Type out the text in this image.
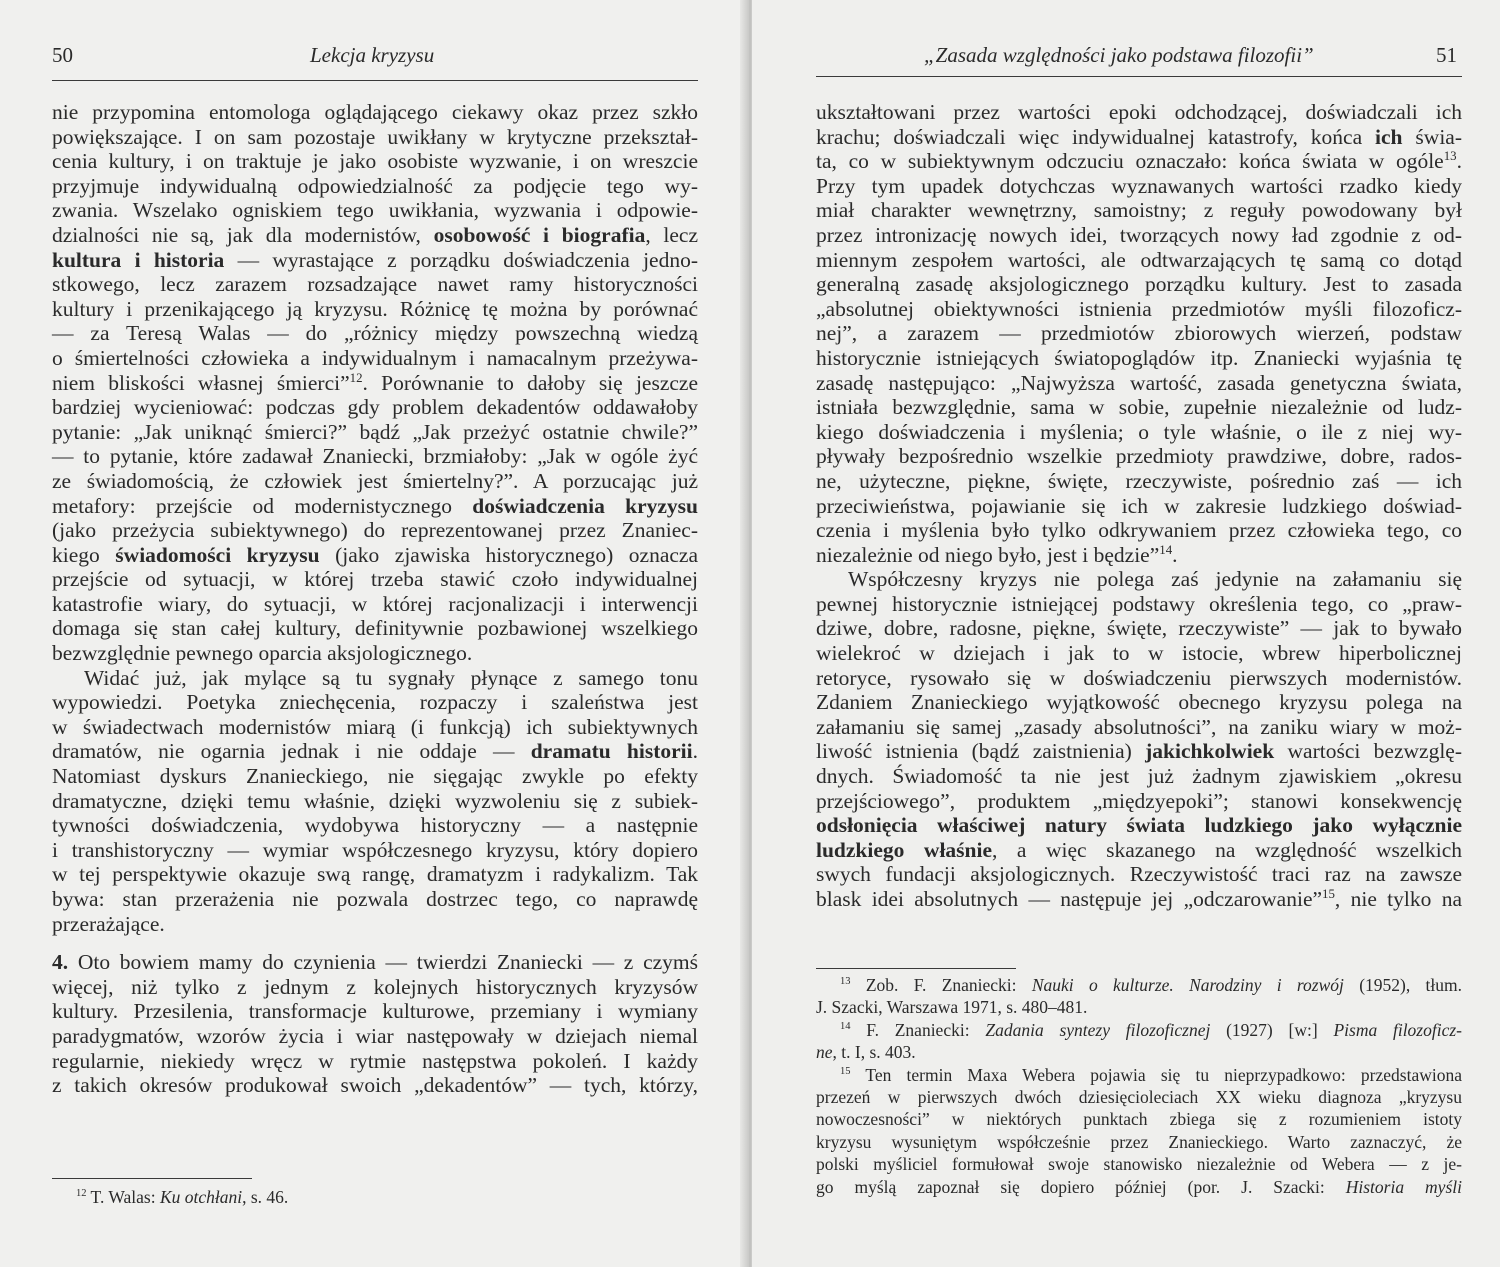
50	Lekcja kryzysu
nie przypomina entomologa oglądającego ciekawy okaz przez szkło
powiększające. I on sam pozostaje uwikłany w krytyczne przekształ-
cenia kultury, i on traktuje je jako osobiste wyzwanie, i on wreszcie
przyjmuje indywidualną odpowiedzialność za podjęcie tego wy-
zwania. Wszelako ogniskiem tego uwikłania, wyzwania i odpowie-
dzialności nie są, jak dla modernistów, osobowość i biografia, lecz
kultura i historia — wyrastające z porządku doświadczenia jedno-
stkowego, lecz zarazem rozsadzające nawet ramy historyczności
kultury i przenikającego ją kryzysu. Różnicę tę można by porównać
— za Teresą Walas — do „różnicy między powszechną wiedzą
o śmiertelności człowieka a indywidualnym i namacalnym przeżywa-
niem bliskości własnej śmierci”$^{12}$. Porównanie to dałoby się jeszcze
bardziej wycieniować: podczas gdy problem dekadentów oddawałoby
pytanie: „Jak uniknąć śmierci?” bądź „Jak przeżyć ostatnie chwile?”
— to pytanie, które zadawał Znaniecki, brzmiałoby: „Jak w ogóle żyć
ze świadomością, że człowiek jest śmiertelny?”. A porzucając już
metafory: przejście od modernistycznego doświadczenia kryzysu
(jako przeżycia subiektywnego) do reprezentowanej przez Znaniec-
kiego świadomości kryzysu (jako zjawiska historycznego) oznacza
przejście od sytuacji, w której trzeba stawić czoło indywidualnej
katastrofie wiary, do sytuacji, w której racjonalizacji i interwencji
domaga się stan całej kultury, definitywnie pozbawionej wszelkiego
bezwzględnie pewnego oparcia aksjologicznego.
Widać już, jak mylące są tu sygnały płynące z samego tonu
wypowiedzi. Poetyka zniechęcenia, rozpaczy i szaleństwa jest
w świadectwach modernistów miarą (i funkcją) ich subiektywnych
dramatów, nie ogarnia jednak i nie oddaje — dramatu historii.
Natomiast dyskurs Znanieckiego, nie sięgając zwykle po efekty
dramatyczne, dzięki temu właśnie, dzięki wyzwoleniu się z subiek-
tywności doświadczenia, wydobywa historyczny — a następnie
i transhistoryczny — wymiar współczesnego kryzysu, który dopiero
w tej perspektywie okazuje swą rangę, dramatyzm i radykalizm. Tak
bywa: stan przerażenia nie pozwala dostrzec tego, co naprawdę
przerażające.
4. Oto bowiem mamy do czynienia — twierdzi Znaniecki — z czymś
więcej, niż tylko z jednym z kolejnych historycznych kryzysów
kultury. Przesilenia, transformacje kulturowe, przemiany i wymiany
paradygmatów, wzorów życia i wiar następowały w dziejach niemal
regularnie, niekiedy wręcz w rytmie następstwa pokoleń. I każdy
z takich okresów produkował swoich „dekadentów” — tych, którzy,
$^{12}$ T. Walas: Ku otchłani, s. 46.
„Zasada względności jako podstawa filozofii”	51
ukształtowani przez wartości epoki odchodzącej, doświadczali ich
krachu; doświadczali więc indywidualnej katastrofy, końca ich świa-
ta, co w subiektywnym odczuciu oznaczało: końca świata w ogóle$^{13}$.
Przy tym upadek dotychczas wyznawanych wartości rzadko kiedy
miał charakter wewnętrzny, samoistny; z reguły powodowany był
przez intronizację nowych idei, tworzących nowy ład zgodnie z od-
miennym zespołem wartości, ale odtwarzających tę samą co dotąd
generalną zasadę aksjologicznego porządku kultury. Jest to zasada
„absolutnej obiektywności istnienia przedmiotów myśli filozoficz-
nej”, a zarazem — przedmiotów zbiorowych wierzeń, podstaw
historycznie istniejących światopoglądów itp. Znaniecki wyjaśnia tę
zasadę następująco: „Najwyższa wartość, zasada genetyczna świata,
istniała bezwzględnie, sama w sobie, zupełnie niezależnie od ludz-
kiego doświadczenia i myślenia; o tyle właśnie, o ile z niej wy-
pływały bezpośrednio wszelkie przedmioty prawdziwe, dobre, rados-
ne, użyteczne, piękne, święte, rzeczywiste, pośrednio zaś — ich
przeciwieństwa, pojawianie się ich w zakresie ludzkiego doświad-
czenia i myślenia było tylko odkrywaniem przez człowieka tego, co
niezależnie od niego było, jest i będzie”$^{14}$.
Współczesny kryzys nie polega zaś jedynie na załamaniu się
pewnej historycznie istniejącej podstawy określenia tego, co „praw-
dziwe, dobre, radosne, piękne, święte, rzeczywiste” — jak to bywało
wielekroć w dziejach i jak to w istocie, wbrew hiperbolicznej
retoryce, rysowało się w doświadczeniu pierwszych modernistów.
Zdaniem Znanieckiego wyjątkowość obecnego kryzysu polega na
załamaniu się samej „zasady absolutności”, na zaniku wiary w moż-
liwość istnienia (bądź zaistnienia) jakichkolwiek wartości bezwzglę-
dnych. Świadomość ta nie jest już żadnym zjawiskiem „okresu
przejściowego”, produktem „międzyepoki”; stanowi konsekwencję
odsłonięcia właściwej natury świata ludzkiego jako wyłącznie
ludzkiego właśnie, a więc skazanego na względność wszelkich
swych fundacji aksjologicznych. Rzeczywistość traci raz na zawsze
blask idei absolutnych — następuje jej „odczarowanie”$^{15}$, nie tylko na
$^{13}$ Zob. F. Znaniecki: Nauki o kulturze. Narodziny i rozwój (1952), tłum.
J. Szacki, Warszawa 1971, s. 480–481.
$^{14}$ F. Znaniecki: Zadania syntezy filozoficznej (1927) [w:] Pisma filozoficz-
ne, t. I, s. 403.
$^{15}$ Ten termin Maxa Webera pojawia się tu nieprzypadkowo: przedstawiona
przezeń w pierwszych dwóch dziesięcioleciach XX wieku diagnoza „kryzysu
nowoczesności” w niektórych punktach zbiega się z rozumieniem istoty
kryzysu wysuniętym współcześnie przez Znanieckiego. Warto zaznaczyć, że
polski myśliciel formułował swoje stanowisko niezależnie od Webera — z je-
go myślą zapoznał się dopiero później (por. J. Szacki: Historia myśli
